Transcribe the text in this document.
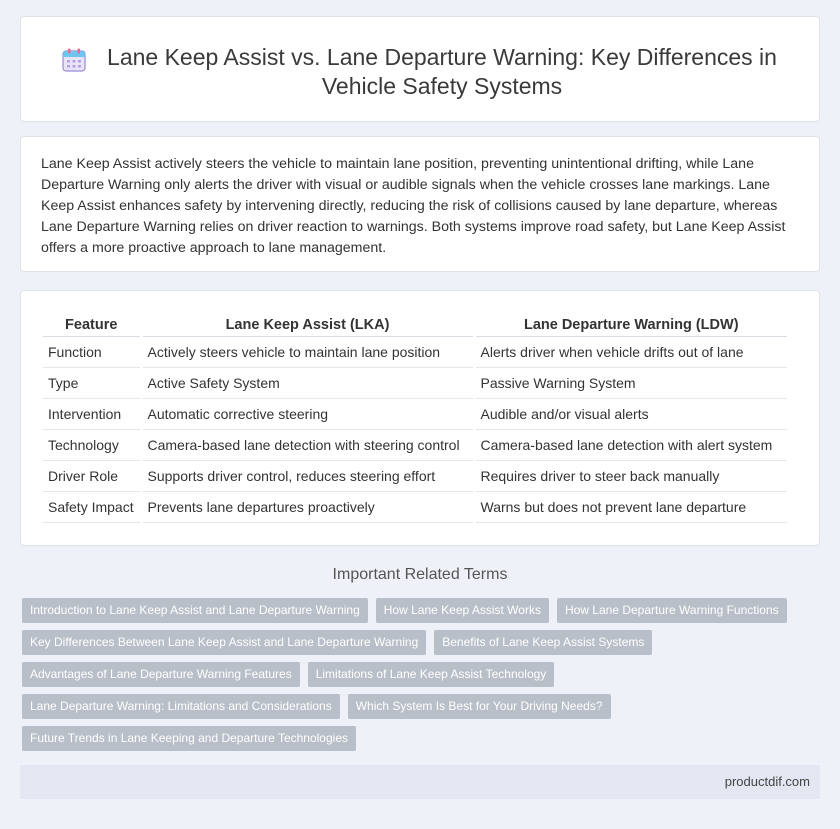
Lane Keep Assist vs. Lane Departure Warning: Key Differences in Vehicle Safety Systems

Lane Keep Assist actively steers the vehicle to maintain lane position, preventing unintentional drifting, while Lane Departure Warning only alerts the driver with visual or audible signals when the vehicle crosses lane markings. Lane Keep Assist enhances safety by intervening directly, reducing the risk of collisions caused by lane departure, whereas Lane Departure Warning relies on driver reaction to warnings. Both systems improve road safety, but Lane Keep Assist offers a more proactive approach to lane management.

Feature	Lane Keep Assist (LKA)	Lane Departure Warning (LDW)
Function	Actively steers vehicle to maintain lane position	Alerts driver when vehicle drifts out of lane
Type	Active Safety System	Passive Warning System
Intervention	Automatic corrective steering	Audible and/or visual alerts
Technology	Camera-based lane detection with steering control	Camera-based lane detection with alert system
Driver Role	Supports driver control, reduces steering effort	Requires driver to steer back manually
Safety Impact	Prevents lane departures proactively	Warns but does not prevent lane departure
Important Related Terms
Introduction to Lane Keep Assist and Lane Departure Warning	How Lane Keep Assist Works	How Lane Departure Warning Functions
Key Differences Between Lane Keep Assist and Lane Departure Warning	Benefits of Lane Keep Assist Systems
Advantages of Lane Departure Warning Features	Limitations of Lane Keep Assist Technology
Lane Departure Warning: Limitations and Considerations	Which System Is Best for Your Driving Needs?
Future Trends in Lane Keeping and Departure Technologies
productdif.com
